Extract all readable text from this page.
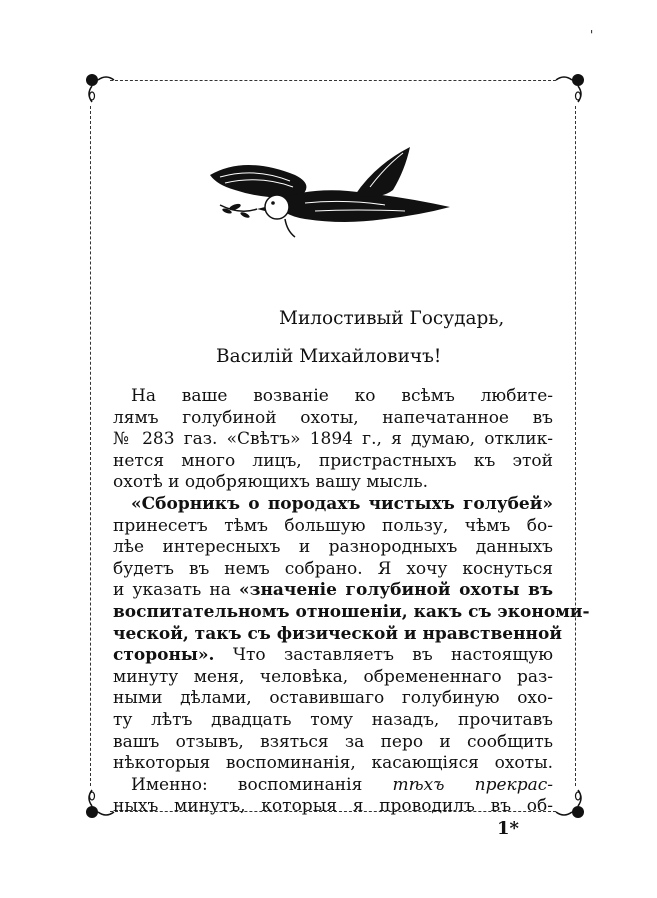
'
Милостивый Государь,
Василій Михайловичъ!
На ваше возваніе ко всѣмъ любите-
лямъ голубиной охоты, напечатанное въ
№ 283 газ. «Свѣтъ» 1894 г., я думаю, отклик-
нется много лицъ, пристрастныхъ къ этой
охотѣ и одобряющихъ вашу мысль.
«Сборникъ о породахъ чистыхъ голубей»
принесетъ тѣмъ большую пользу, чѣмъ бо-
лѣе интересныхъ и разнородныхъ данныхъ
будетъ въ немъ собрано. Я хочу коснуться
и указать на «значеніе голубиной охоты въ
воспитательномъ отношеніи, какъ съ экономи-
ческой, такъ съ физической и нравственной
стороны». Что заставляетъ въ настоящую
минуту меня, человѣка, обремененнаго раз-
ными дѣлами, оставившаго голубиную охо-
ту лѣтъ двадцать тому назадъ, прочитавъ
вашъ отзывъ, взяться за перо и сообщить
нѣкоторыя воспоминанія, касающіяся охоты.
Именно: воспоминанія тѣхъ прекрас-
ныхъ минутъ, которыя я проводилъ въ об-
1*
